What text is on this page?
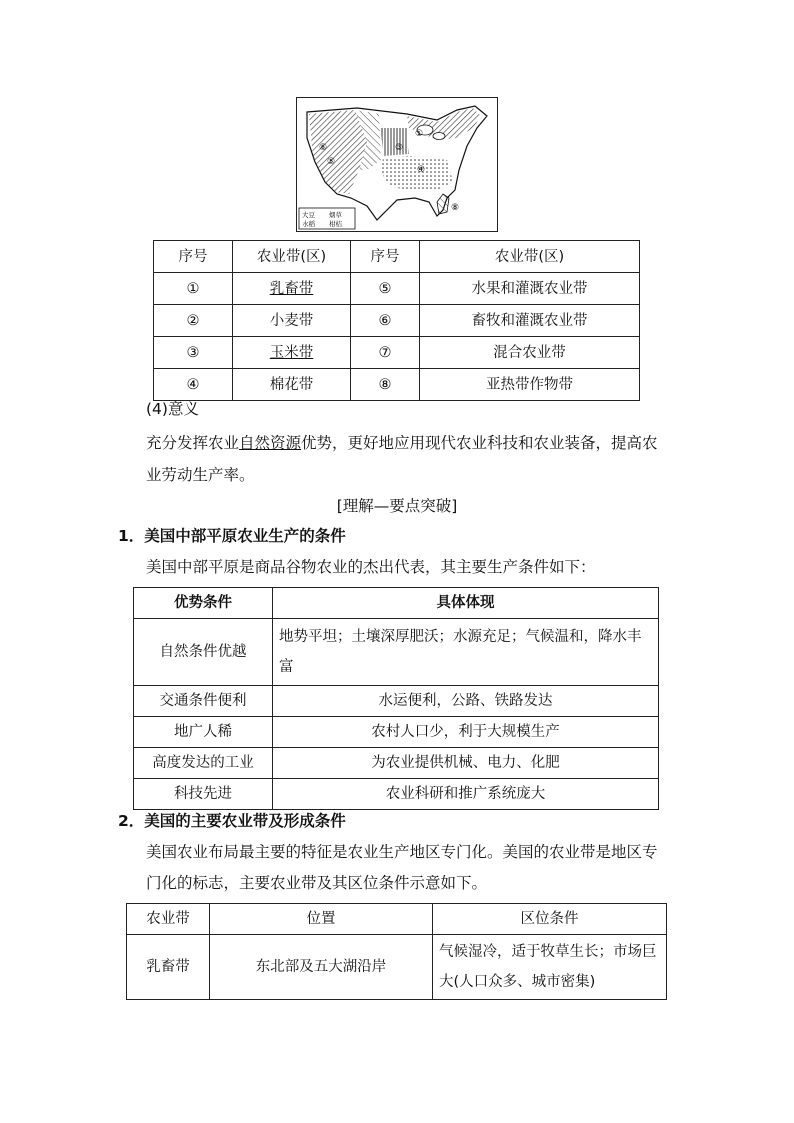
①
③
④
⑤
⑥
⑧
大豆 烟草
水稻 柑桔
序号	农业带(区)	序号	农业带(区)
①	乳畜带	⑤	水果和灌溉农业带
②	小麦带	⑥	畜牧和灌溉农业带
③	玉米带	⑦	混合农业带
④	棉花带	⑧	亚热带作物带
(4)意义
充分发挥农业自然资源优势，更好地应用现代农业科技和农业装备，提高农
业劳动生产率。
[理解—要点突破]
1．美国中部平原农业生产的条件
美国中部平原是商品谷物农业的杰出代表，其主要生产条件如下：
优势条件	具体体现
自然条件优越	地势平坦；土壤深厚肥沃；水源充足；气候温和，降水丰富
交通条件便利	水运便利，公路、铁路发达
地广人稀	农村人口少，利于大规模生产
高度发达的工业	为农业提供机械、电力、化肥
科技先进	农业科研和推广系统庞大
2．美国的主要农业带及形成条件
美国农业布局最主要的特征是农业生产地区专门化。美国的农业带是地区专
门化的标志，主要农业带及其区位条件示意如下。
农业带	位置	区位条件
乳畜带	东北部及五大湖沿岸	气候湿冷，适于牧草生长；市场巨大(人口众多、城市密集)
